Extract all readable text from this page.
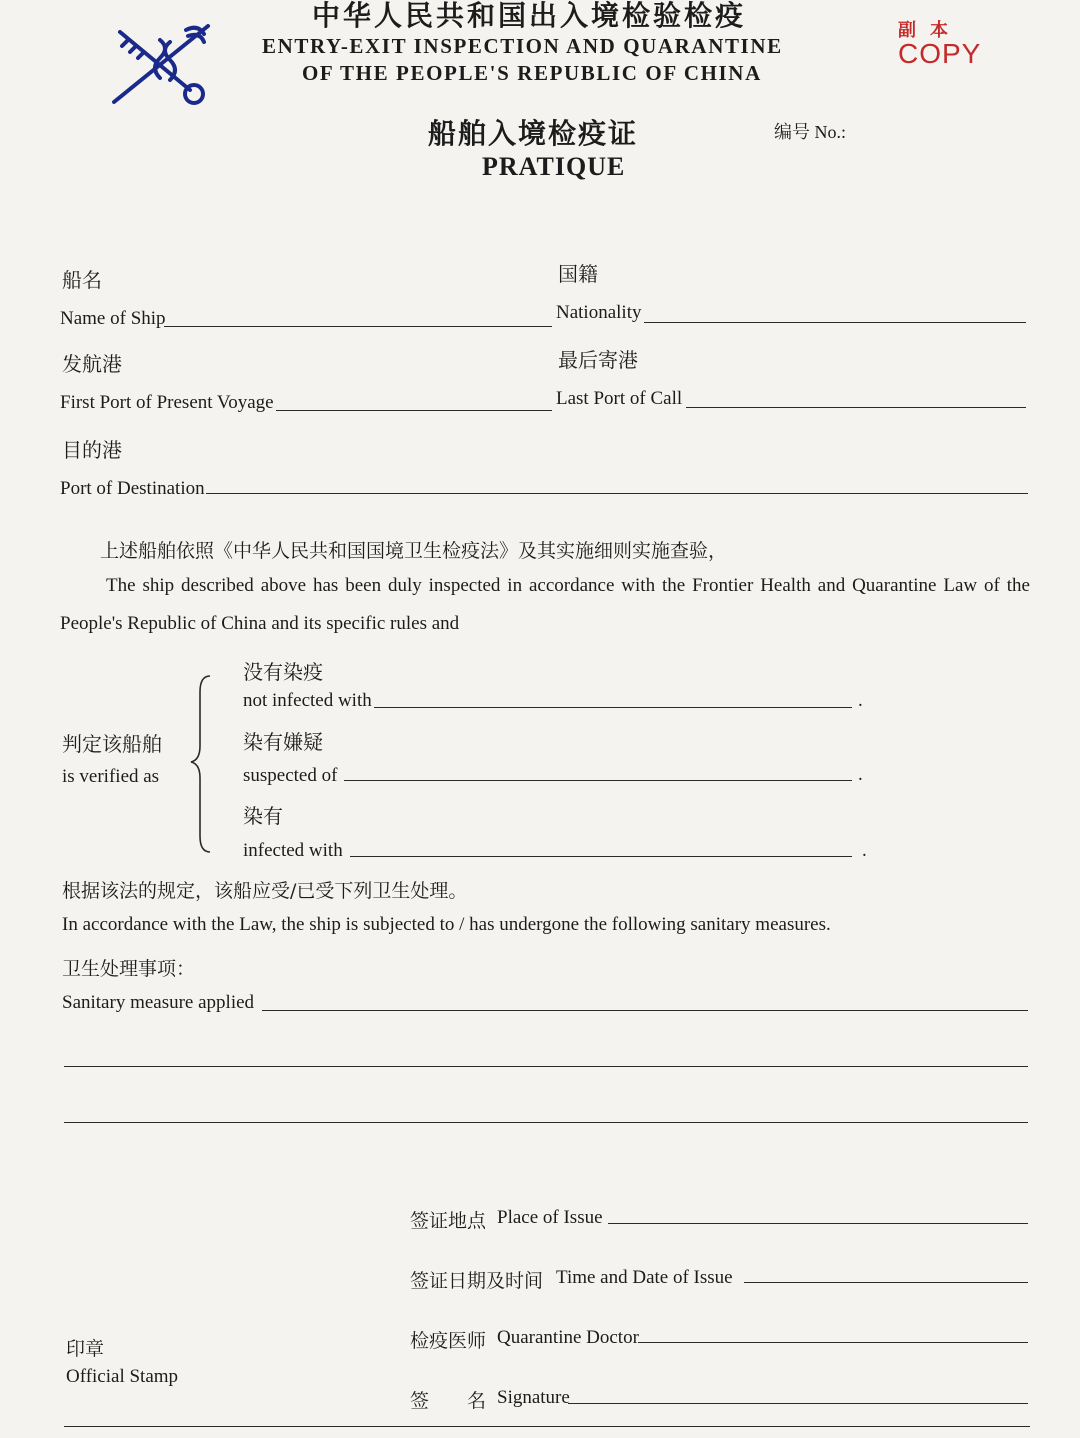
中华人民共和国出入境检验检疫
ENTRY-EXIT INSPECTION AND QUARANTINE
OF THE PEOPLE'S REPUBLIC OF CHINA
副本
COPY
船舶入境检疫证
PRATIQUE
编号 No.:
船名
Name of Ship
国籍
Nationality
发航港
First Port of Present Voyage
最后寄港
Last Port of Call
目的港
Port of Destination
上述船舶依照《中华人民共和国国境卫生检疫法》及其实施细则实施查验，
The ship described above has been duly inspected in accordance with the Frontier Health and Quarantine Law of the
People's Republic of China and its specific rules and
判定该船舶
is verified as
没有染疫
not infected with	.
染有嫌疑
suspected of	.
染有
infected with	.
根据该法的规定，该船应受/已受下列卫生处理。
In accordance with the Law, the ship is subjected to / has undergone the following sanitary measures.
卫生处理事项：
Sanitary measure applied
签证地点 Place of Issue
签证日期及时间 Time and Date of Issue
检疫医师 Quarantine Doctor
签　　名 Signature
印章
Official Stamp
